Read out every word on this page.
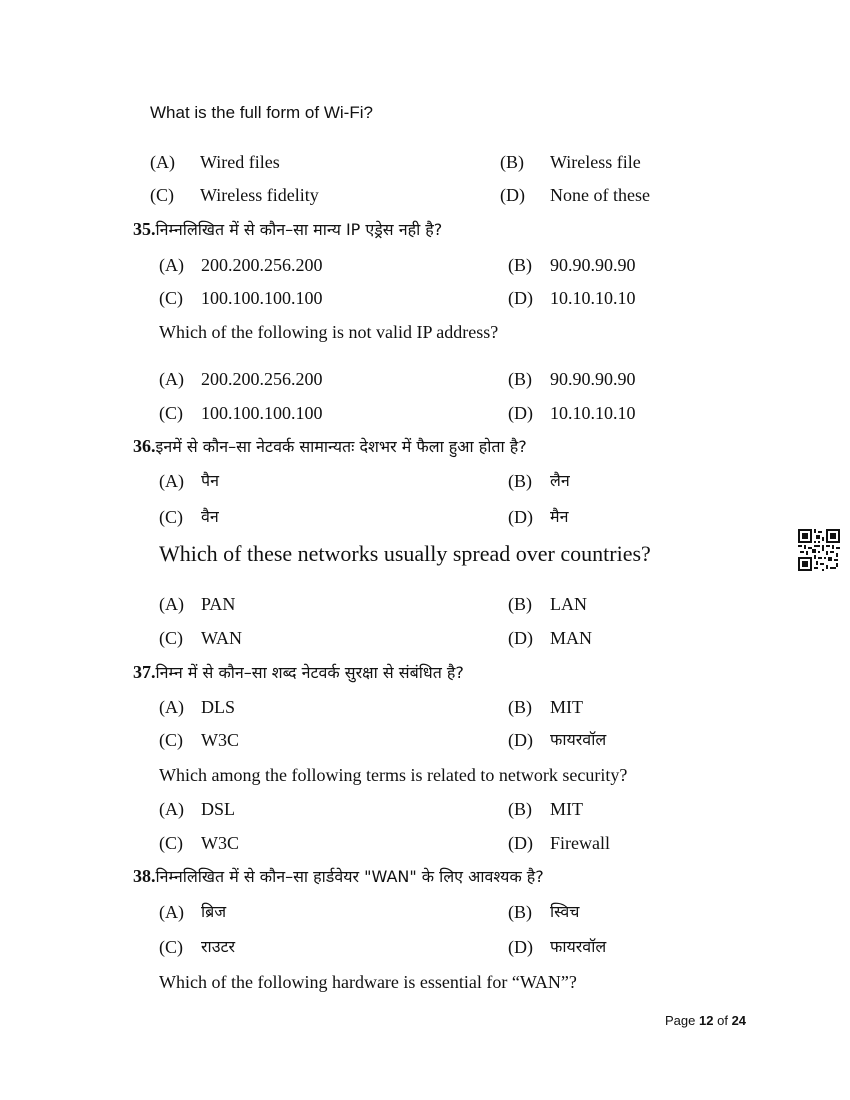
What is the full form of Wi-Fi?
(A) Wired files	(B) Wireless file
(C) Wireless fidelity	(D) None of these
35.निम्नलिखित में से कौन–सा मान्य IP एड्रेस नही है?
(A) 200.200.256.200	(B) 90.90.90.90
(C) 100.100.100.100	(D) 10.10.10.10
Which of the following is not valid IP address?
(A) 200.200.256.200	(B) 90.90.90.90
(C) 100.100.100.100	(D) 10.10.10.10
36.इनमें से कौन–सा नेटवर्क सामान्यतः देशभर में फैला हुआ होता है?
(A) पैन	(B) लैन
(C) वैन	(D) मैन
Which of these networks usually spread over countries?
(A) PAN	(B) LAN
(C) WAN	(D) MAN
37.निम्न में से कौन–सा शब्द नेटवर्क सुरक्षा से संबंधित है?
(A) DLS	(B) MIT
(C) W3C	(D) फायरवॉल
Which among the following terms is related to network security?
(A) DSL	(B) MIT
(C) W3C	(D) Firewall
38.निम्नलिखित में से कौन–सा हार्डवेयर "WAN" के लिए आवश्यक है?
(A) ब्रिज	(B) स्विच
(C) राउटर	(D) फायरवॉल
Which of the following hardware is essential for “WAN”?
Page 12 of 24
